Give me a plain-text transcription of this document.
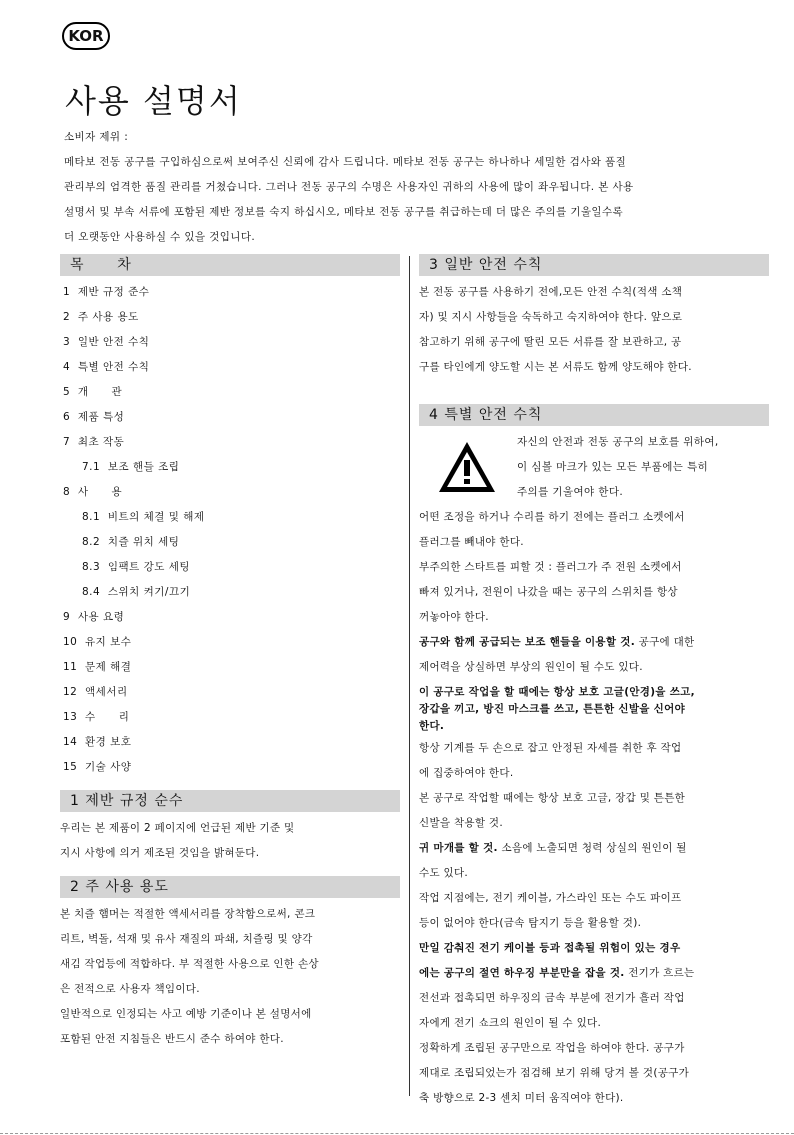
KOR
사용 설명서
소비자 제위 :
메타보 전동 공구를 구입하심으로써 보여주신 신뢰에 감사 드립니다. 메타보 전동 공구는 하나하나 세밀한 검사와 품질
관리부의 엄격한 품질 관리를 거쳤습니다. 그러나 전동 공구의 수명은 사용자인 귀하의 사용에 많이 좌우됩니다. 본 사용
설명서 및 부속 서류에 포함된 제반 정보를 숙지 하십시오, 메타보 전동 공구를 취급하는데 더 많은 주의를 기울일수록
더 오랫동안 사용하실 수 있을 것입니다.
목      차
1  제반 규정 준수
2  주 사용 용도
3  일반 안전 수칙
4  특별 안전 수칙
5  개      관
6  제품 특성
7  최초 작동
7.1  보조 핸들 조립
8  사      용
8.1  비트의 체결 및 해제
8.2  치즐 위치 세팅
8.3  임팩트 강도 세팅
8.4  스위치 켜기/끄기
9  사용 요령
10  유지 보수
11  문제 해결
12  액세서리
13  수      리
14  환경 보호
15  기술 사양
1 제반 규정 순수
우리는 본 제품이 2 페이지에 언급된 제반 기준 및
지시 사항에 의거 제조된 것임을 밝혀둔다.
2 주 사용 용도
본 치즐 햄머는 적절한 액세서리를 장착함으로써, 콘크
리트, 벽돌, 석재 및 유사 재질의 파쇄, 치즐링 및 양각
새김 작업등에 적합하다. 부 적절한 사용으로 인한 손상
은 전적으로 사용자 책임이다.
일반적으로 인정되는 사고 예방 기준이나 본 설명서에
포함된 안전 지침들은 반드시 준수 하여야 한다.
3 일반 안전 수칙
본 전동 공구를 사용하기 전에,모든 안전 수칙(적색 소책
자) 및 지시 사항들을 숙독하고 숙지하여야 한다. 앞으로
참고하기 위해 공구에 딸린 모든 서류를 잘 보관하고, 공
구를 타인에게 양도할 시는 본 서류도 함께 양도해야 한다.
4 특별 안전 수칙
자신의 안전과 전동 공구의 보호를 위하여,
이 심볼 마크가 있는 모든 부품에는 특히
주의를 기울여야 한다.
어떤 조정을 하거나 수리를 하기 전에는 플러그 소켓에서
플러그를 빼내야 한다.
부주의한 스타트를 피할 것 : 플러그가 주 전원 소켓에서
빠져 있거나, 전원이 나갔을 때는 공구의 스위치를 항상
꺼놓아야 한다.
공구와 함께 공급되는 보조 핸들을 이용할 것. 공구에 대한
제어력을 상실하면 부상의 원인이 될 수도 있다.
이 공구로 작업을 할 때에는 항상 보호 고글(안경)을 쓰고,
장갑을 끼고, 방진 마스크를 쓰고, 튼튼한 신발을 신어야
한다.
항상 기계를 두 손으로 잡고 안정된 자세를 취한 후 작업
에 집중하여야 한다.
본 공구로 작업할 때에는 항상 보호 고글, 장갑 및 튼튼한
신발을 착용할 것.
귀 마개를 할 것. 소음에 노출되면 청력 상실의 원인이 될
수도 있다.
작업 지점에는, 전기 케이블, 가스라인 또는 수도 파이프
등이 없어야 한다(금속 탐지기 등을 활용할 것).
만일 감춰진 전기 케이블 등과 접촉될 위험이 있는 경우
에는 공구의 절연 하우징 부분만을 잡을 것. 전기가 흐르는
전선과 접촉되면 하우징의 금속 부분에 전기가 흘러 작업
자에게 전기 쇼크의 원인이 될 수 있다.
정확하게 조립된 공구만으로 작업을 하여야 한다. 공구가
제대로 조립되었는가 점검해 보기 위해 당겨 볼 것(공구가
축 방향으로 2-3 센치 미터 움직여야 한다).
